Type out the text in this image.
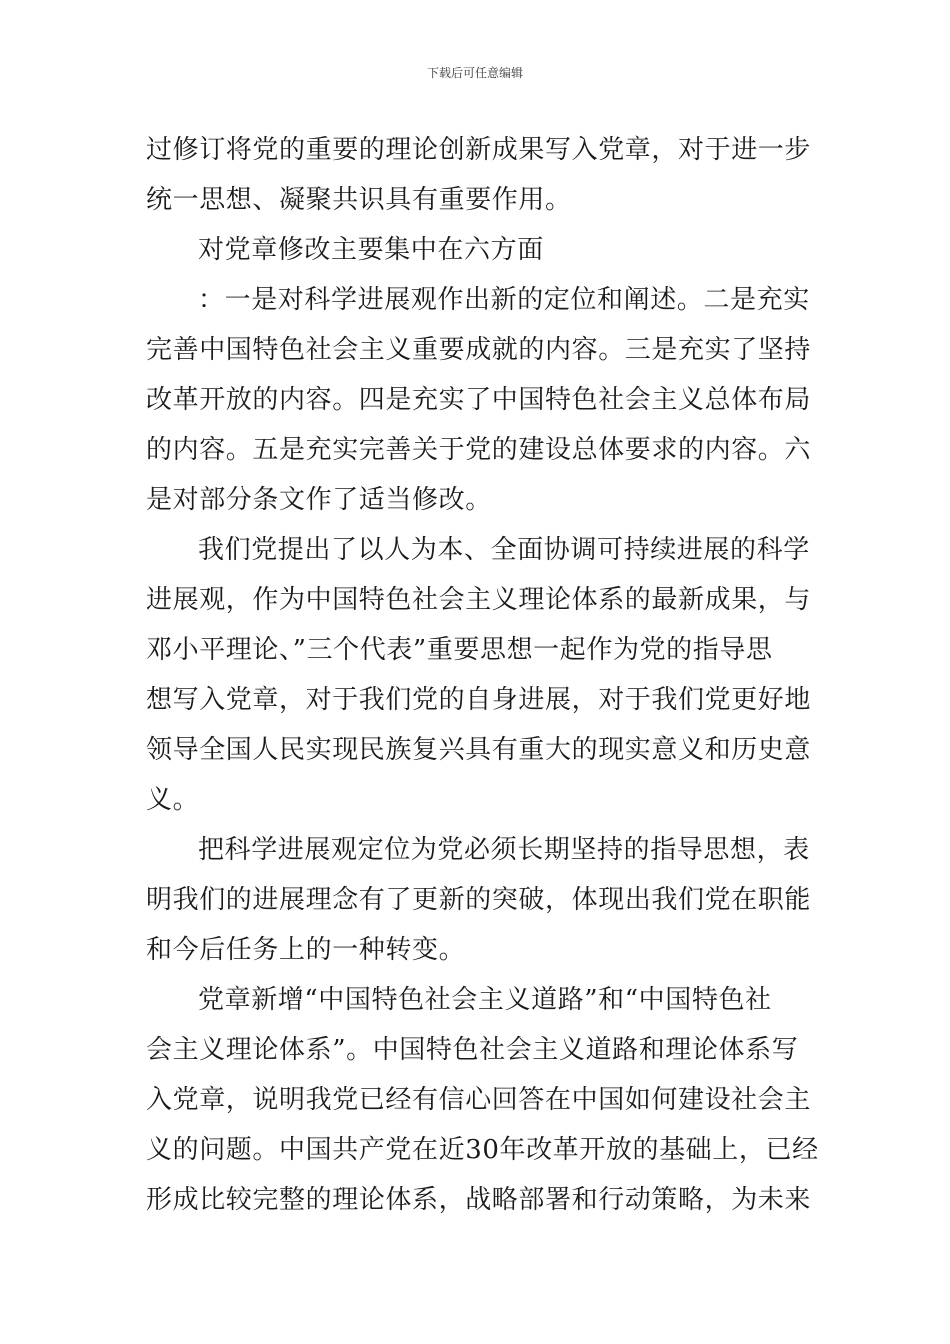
下载后可任意编辑
过修订将党的重要的理论创新成果写入党章，对于进一步
统一思想、凝聚共识具有重要作用。
对党章修改主要集中在六方面
：一是对科学进展观作出新的定位和阐述。二是充实
完善中国特色社会主义重要成就的内容。三是充实了坚持
改革开放的内容。四是充实了中国特色社会主义总体布局
的内容。五是充实完善关于党的建设总体要求的内容。六
是对部分条文作了适当修改。
我们党提出了以人为本、全面协调可持续进展的科学
进展观，作为中国特色社会主义理论体系的最新成果，与
邓小平理论、”三个代表”重要思想一起作为党的指导思
想写入党章，对于我们党的自身进展，对于我们党更好地
领导全国人民实现民族复兴具有重大的现实意义和历史意
义。
把科学进展观定位为党必须长期坚持的指导思想，表
明我们的进展理念有了更新的突破，体现出我们党在职能
和今后任务上的一种转变。
党章新增“中国特色社会主义道路”和“中国特色社
会主义理论体系”。中国特色社会主义道路和理论体系写
入党章，说明我党已经有信心回答在中国如何建设社会主
义的问题。中国共产党在近30年改革开放的基础上，已经
形成比较完整的理论体系，战略部署和行动策略，为未来
